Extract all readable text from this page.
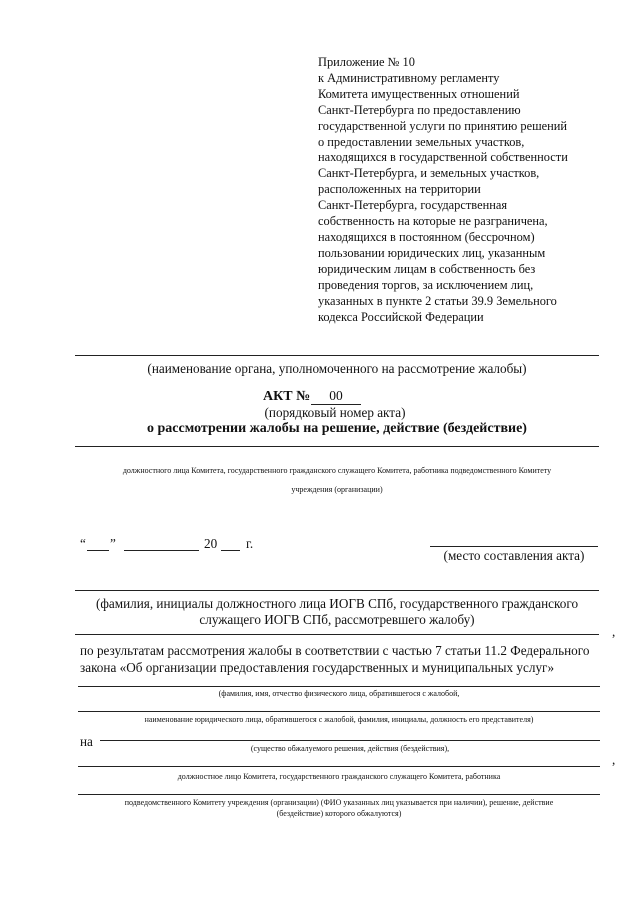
Приложение № 10
к Административному регламенту
Комитета имущественных отношений
Санкт-Петербурга по предоставлению
государственной услуги по принятию решений
о предоставлении земельных участков,
находящихся в государственной собственности
Санкт-Петербурга, и земельных участков,
расположенных на территории
Санкт-Петербурга, государственная
собственность на которые не разграничена,
находящихся в постоянном (бессрочном)
пользовании юридических лиц, указанным
юридическим лицам в собственность без
проведения торгов, за исключением лиц,
указанных в пункте 2 статьи 39.9 Земельного
кодекса Российской Федерации
(наименование органа, уполномоченного на рассмотрение жалобы)
АКТ №	00
(порядковый номер акта)
о рассмотрении жалобы на решение, действие (бездействие)
должностного лица Комитета, государственного гражданского служащего Комитета, работника подведомственного Комитету
учреждения (организации)
“ ”	20 г.
(место составления акта)
(фамилия, инициалы должностного лица ИОГВ СПб, государственного гражданского
служащего ИОГВ СПб, рассмотревшего жалобу)
,
по результатам рассмотрения жалобы в соответствии с частью 7 статьи 11.2 Федерального
закона «Об организации предоставления государственных и муниципальных услуг»
(фамилия, имя, отчество физического лица, обратившегося с жалобой,
наименование юридического лица, обратившегося с жалобой, фамилия, инициалы, должность его представителя)
на	(существо обжалуемого решения, действия (бездействия),
,
должностное лицо Комитета, государственного гражданского служащего Комитета, работника
подведомственного Комитету учреждения (организации) (ФИО указанных лиц указывается при наличии), решение, действие
(бездействие) которого обжалуются)
